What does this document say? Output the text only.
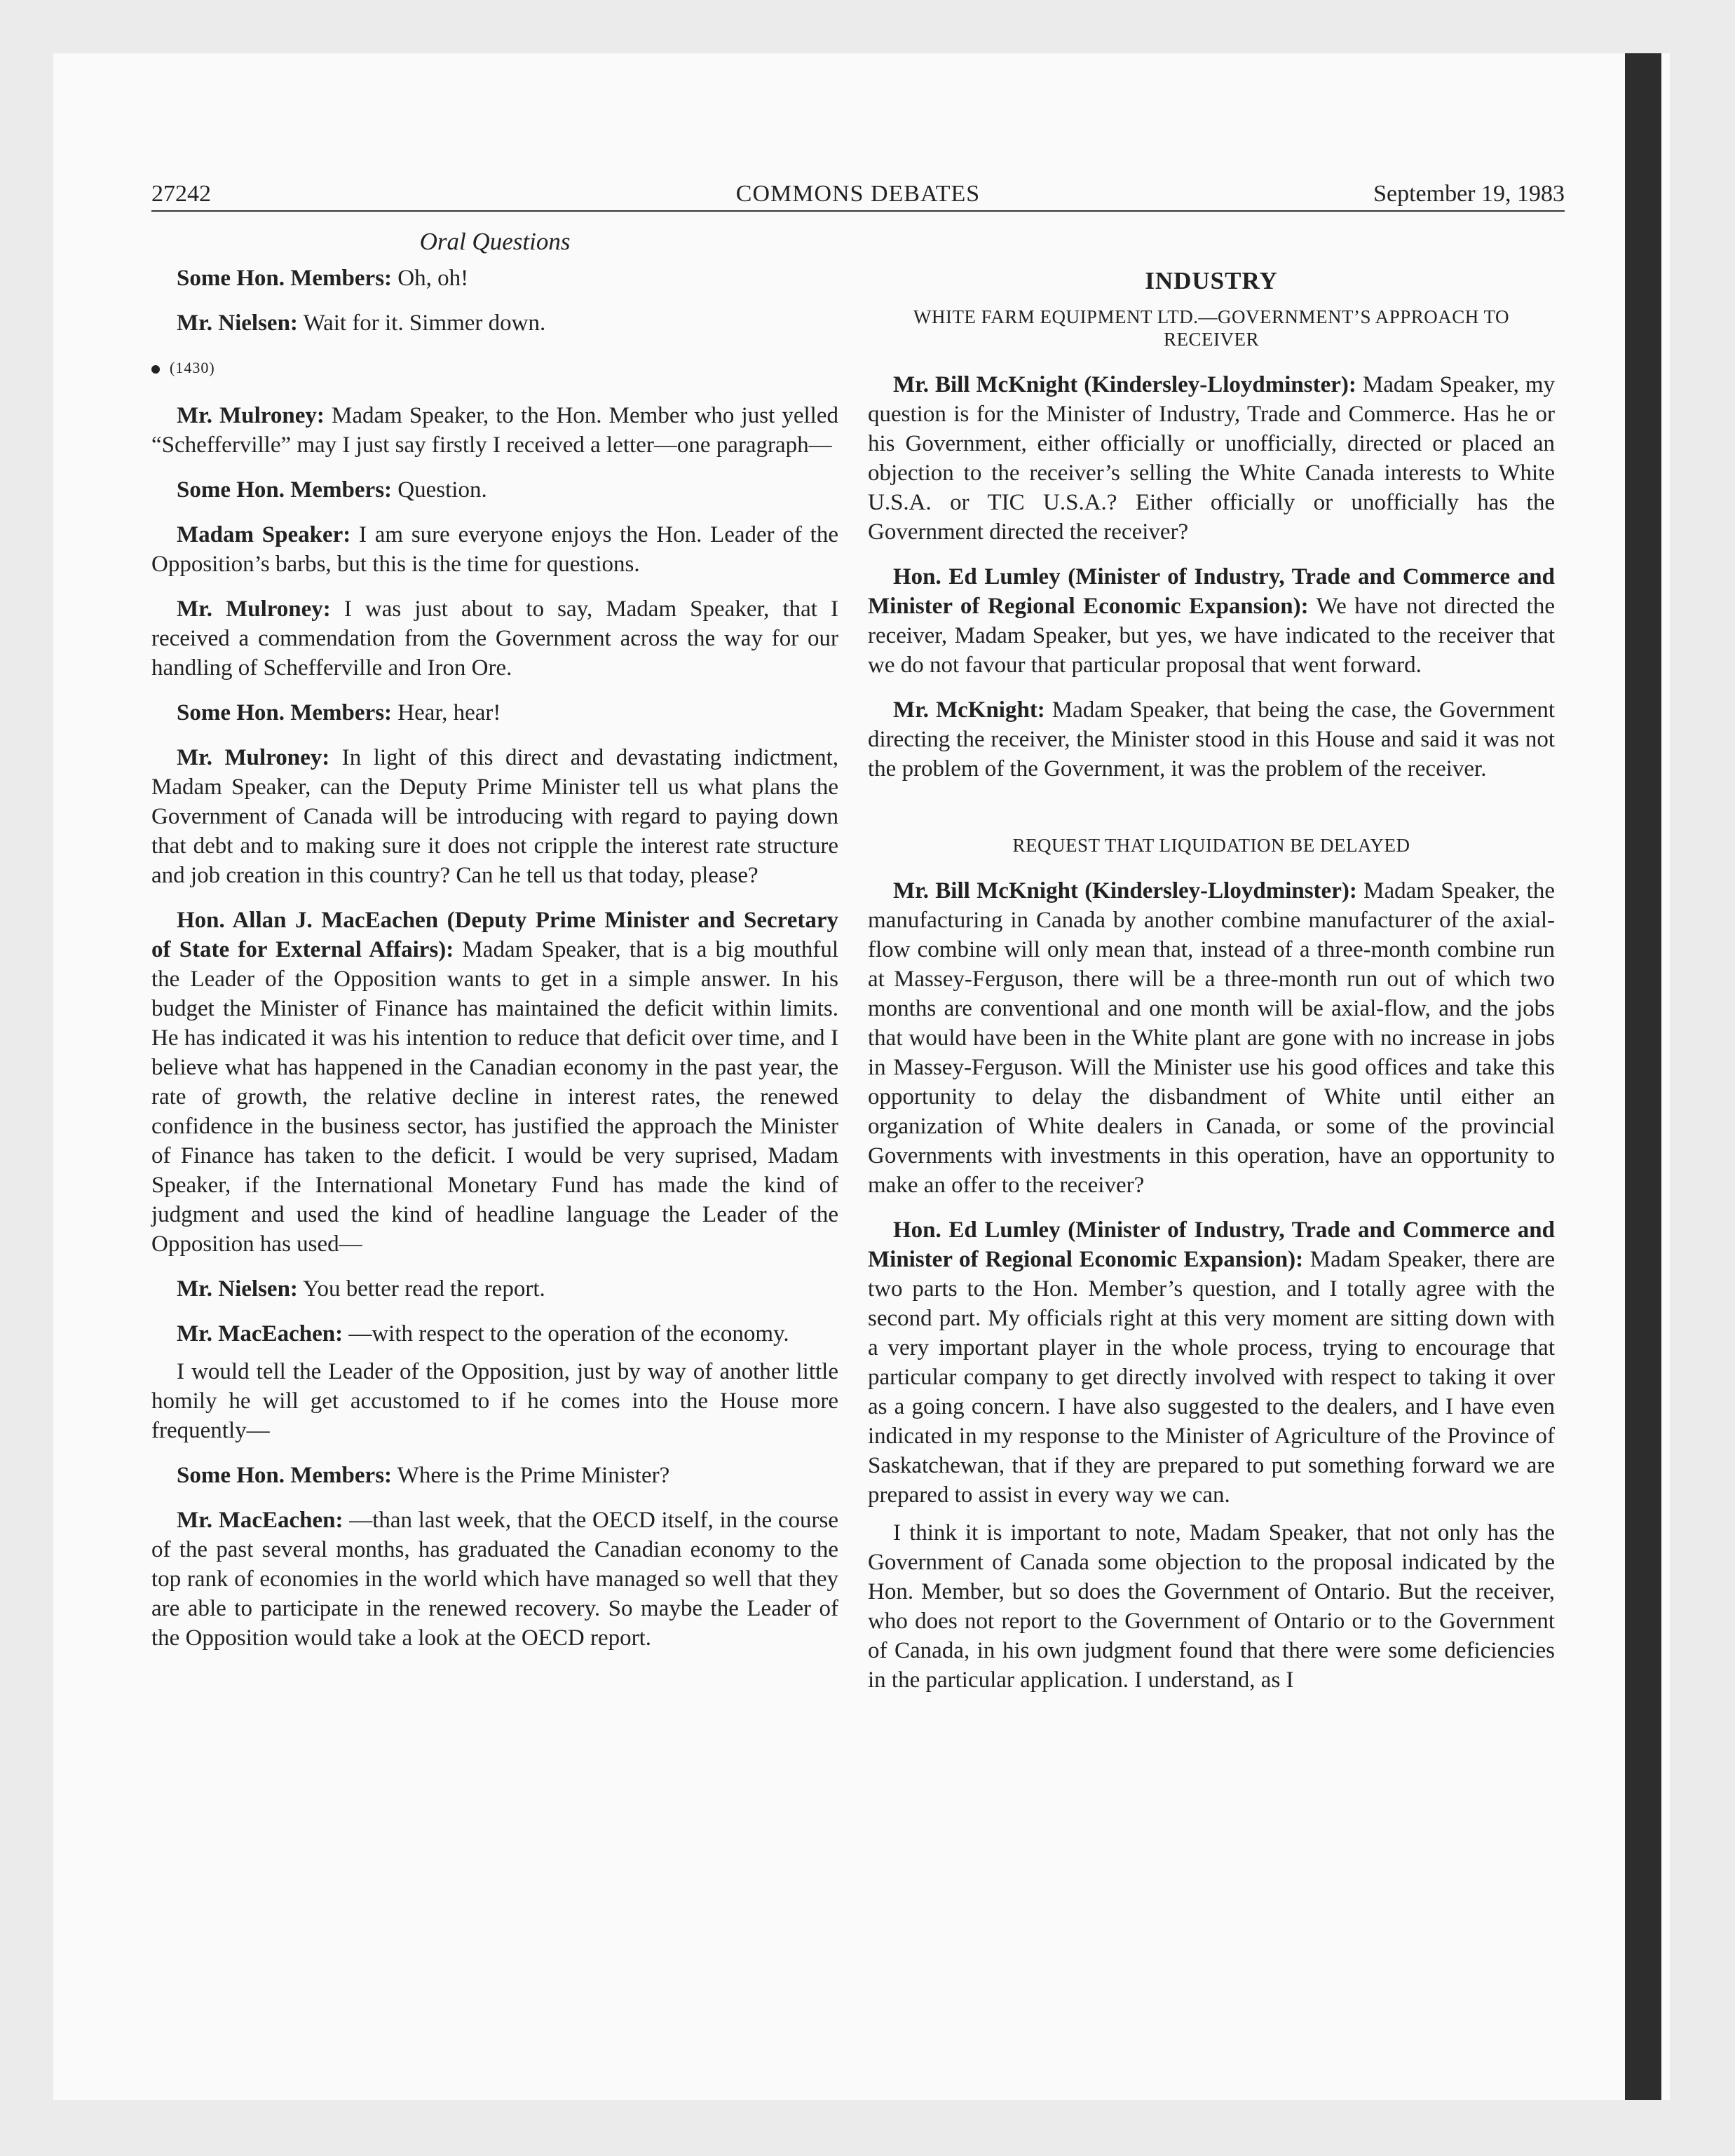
27242	COMMONS DEBATES	September 19, 1983
Oral Questions

Some Hon. Members: Oh, oh!

Mr. Nielsen: Wait for it. Simmer down.

(1430)

Mr. Mulroney: Madam Speaker, to the Hon. Member who just yelled “Schefferville” may I just say firstly I received a letter—one paragraph—

Some Hon. Members: Question.

Madam Speaker: I am sure everyone enjoys the Hon. Leader of the Opposition’s barbs, but this is the time for questions.

Mr. Mulroney: I was just about to say, Madam Speaker, that I received a commendation from the Government across the way for our handling of Schefferville and Iron Ore.

Some Hon. Members: Hear, hear!

Mr. Mulroney: In light of this direct and devastating indictment, Madam Speaker, can the Deputy Prime Minister tell us what plans the Government of Canada will be introducing with regard to paying down that debt and to making sure it does not cripple the interest rate structure and job creation in this country? Can he tell us that today, please?

Hon. Allan J. MacEachen (Deputy Prime Minister and Secretary of State for External Affairs): Madam Speaker, that is a big mouthful the Leader of the Opposition wants to get in a simple answer. In his budget the Minister of Finance has maintained the deficit within limits. He has indicated it was his intention to reduce that deficit over time, and I believe what has happened in the Canadian economy in the past year, the rate of growth, the relative decline in interest rates, the renewed confidence in the business sector, has justified the approach the Minister of Finance has taken to the deficit. I would be very suprised, Madam Speaker, if the International Monetary Fund has made the kind of judgment and used the kind of headline language the Leader of the Opposition has used—

Mr. Nielsen: You better read the report.

Mr. MacEachen: —with respect to the operation of the economy.

I would tell the Leader of the Opposition, just by way of another little homily he will get accustomed to if he comes into the House more frequently—

Some Hon. Members: Where is the Prime Minister?

Mr. MacEachen: —than last week, that the OECD itself, in the course of the past several months, has graduated the Canadian economy to the top rank of economies in the world which have managed so well that they are able to participate in the renewed recovery. So maybe the Leader of the Opposition would take a look at the OECD report.

INDUSTRY
WHITE FARM EQUIPMENT LTD.—GOVERNMENT’S APPROACH TO RECEIVER

Mr. Bill McKnight (Kindersley-Lloydminster): Madam Speaker, my question is for the Minister of Industry, Trade and Commerce. Has he or his Government, either officially or unofficially, directed or placed an objection to the receiver’s selling the White Canada interests to White U.S.A. or TIC U.S.A.? Either officially or unofficially has the Government directed the receiver?

Hon. Ed Lumley (Minister of Industry, Trade and Commerce and Minister of Regional Economic Expansion): We have not directed the receiver, Madam Speaker, but yes, we have indicated to the receiver that we do not favour that particular proposal that went forward.

Mr. McKnight: Madam Speaker, that being the case, the Government directing the receiver, the Minister stood in this House and said it was not the problem of the Government, it was the problem of the receiver.

REQUEST THAT LIQUIDATION BE DELAYED

Mr. Bill McKnight (Kindersley-Lloydminster): Madam Speaker, the manufacturing in Canada by another combine manufacturer of the axial-flow combine will only mean that, instead of a three-month combine run at Massey-Ferguson, there will be a three-month run out of which two months are conventional and one month will be axial-flow, and the jobs that would have been in the White plant are gone with no increase in jobs in Massey-Ferguson. Will the Minister use his good offices and take this opportunity to delay the disbandment of White until either an organization of White dealers in Canada, or some of the provincial Governments with investments in this operation, have an opportunity to make an offer to the receiver?

Hon. Ed Lumley (Minister of Industry, Trade and Commerce and Minister of Regional Economic Expansion): Madam Speaker, there are two parts to the Hon. Member’s question, and I totally agree with the second part. My officials right at this very moment are sitting down with a very important player in the whole process, trying to encourage that particular company to get directly involved with respect to taking it over as a going concern. I have also suggested to the dealers, and I have even indicated in my response to the Minister of Agriculture of the Province of Saskatchewan, that if they are prepared to put something forward we are prepared to assist in every way we can.

I think it is important to note, Madam Speaker, that not only has the Government of Canada some objection to the proposal indicated by the Hon. Member, but so does the Government of Ontario. But the receiver, who does not report to the Government of Ontario or to the Government of Canada, in his own judgment found that there were some deficiencies in the particular application. I understand, as I
